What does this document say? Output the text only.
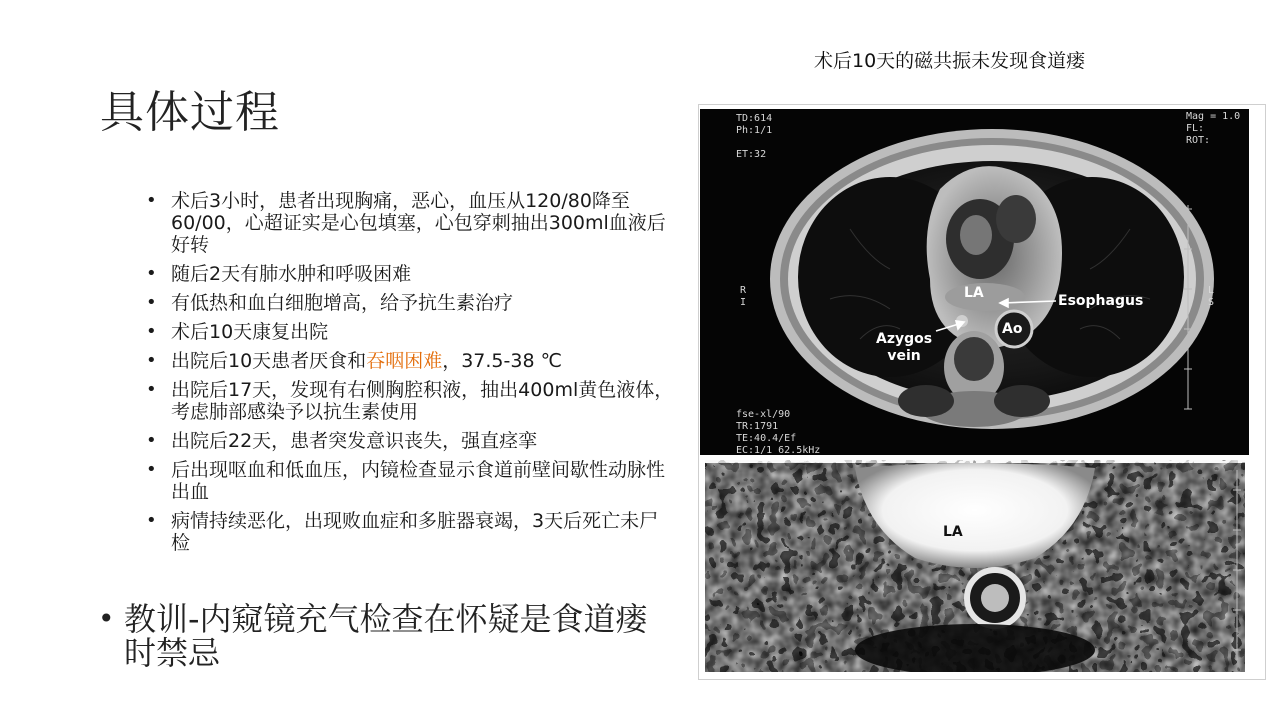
具体过程
术后10天的磁共振未发现食道瘘
• 术后3小时，患者出现胸痛，恶心，血压从120/80降至60/00，心超证实是心包填塞，心包穿刺抽出300ml血液后好转
• 随后2天有肺水肿和呼吸困难
• 有低热和血白细胞增高，给予抗生素治疗
• 术后10天康复出院
• 出院后10天患者厌食和吞咽困难，37.5-38 ℃
• 出院后17天，发现有右侧胸腔积液，抽出400ml黄色液体，考虑肺部感染予以抗生素使用
• 出院后22天，患者突发意识丧失，强直痉挛
• 后出现呕血和低血压，内镜检查显示食道前壁间歇性动脉性出血
• 病情持续恶化，出现败血症和多脏器衰竭，3天后死亡未尸检
• 教训-内窥镜充气检查在怀疑是食道瘘时禁忌
TD:614
Ph:1/1

ET:32
Mag = 1.0
FL:
ROT:
fse-xl/90
TR:1791
TE:40.4/Ef
EC:1/1 62.5kHz
R
I
L
S
LA	Esophagus
Ao
Azygos
vein
LA
